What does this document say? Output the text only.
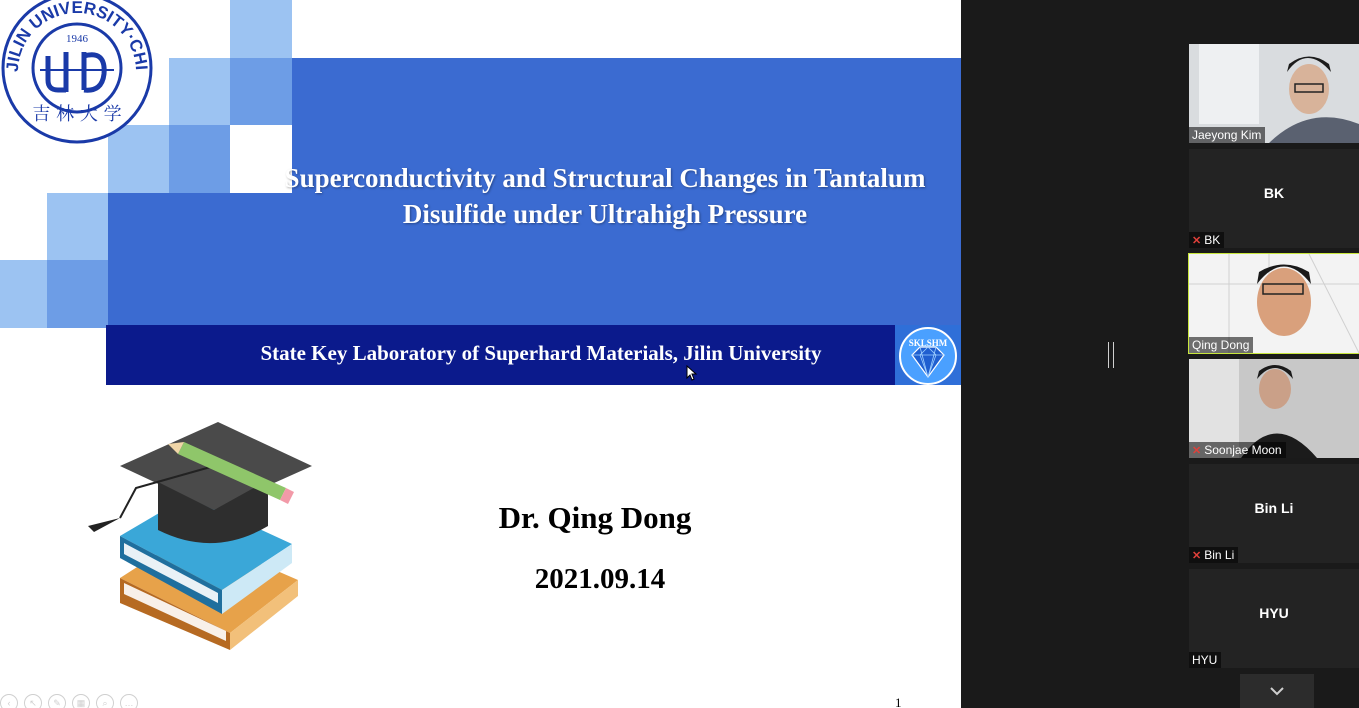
JILIN UNIVERSITY·CHI
1946
吉 林 大 学
Superconductivity and Structural Changes in Tantalum
Disulfide under Ultrahigh Pressure
State Key Laboratory of Superhard Materials, Jilin University	SKLSHM
Dr. Qing Dong
2021.09.14
1
‹	↖	✎	▦	⌕	…
Jaeyong Kim
BK
✕ BK
Qing Dong
✕ Soonjae Moon
Bin Li
✕ Bin Li
HYU
HYU
